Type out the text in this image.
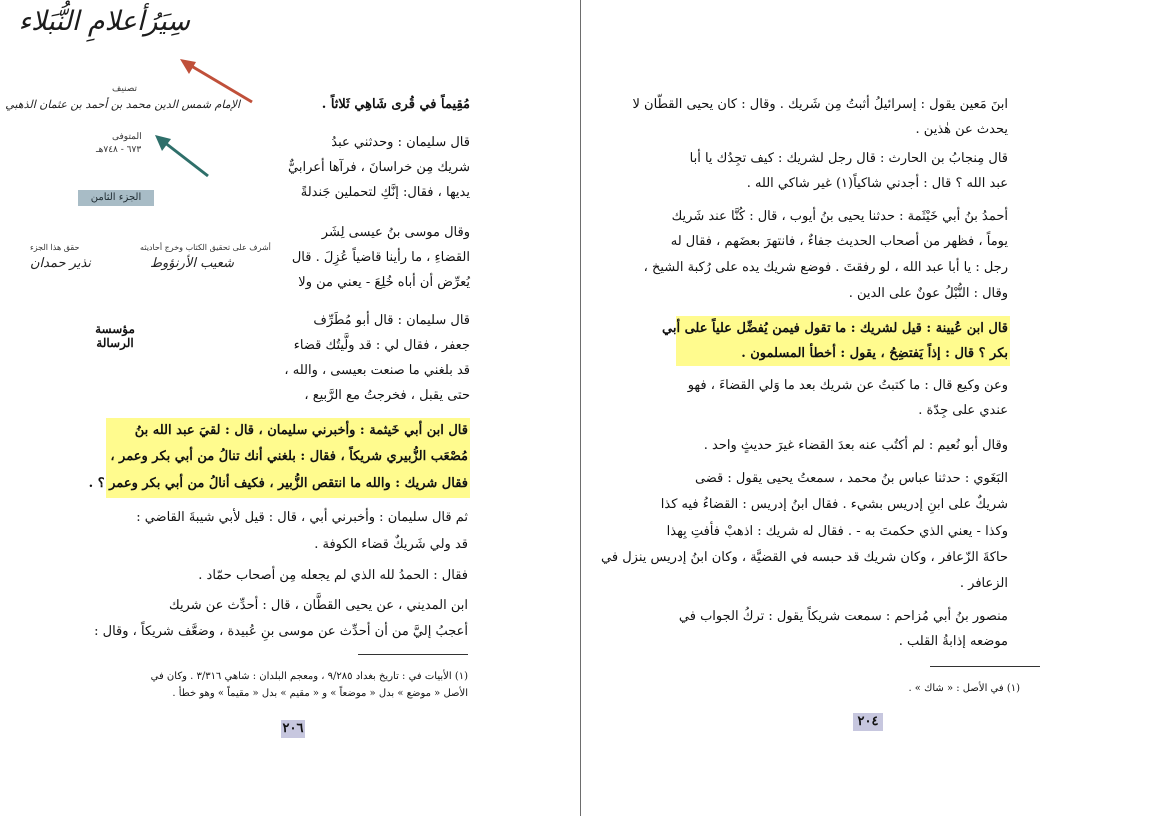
سِيَرُأعلامِ النُّبَلاء
تصنيف
الإمام شمس الدين محمد بن أحمد بن عثمان الذهبي
المتوفى
٦٧٣ - ٧٤٨هـ
الجزء الثامن
حقق هذا الجزء
نذير حمدان
أشرف على تحقيق الكتاب وخرج أحاديثه
شعيب الأرنؤوط
مؤسسة الرسالة
مُقِيماً في قُرى شَاهِي ثَلاثاً .
قال سليمان : وحدثني عبدُ
شريك مِن خراسانَ ، فرآها أعرابيٌّ
يديها ، فقال: إنَّكِ لتحملين جَندلةً
وقال موسى بنُ عيسى لِشَر
القضاءِ ، ما رأينا قاضياً عُزِلَ . قال
يُعرِّض أن أباه خُلِعَ - يعني من ولا
قال سليمان : قال أبو مُطَرِّف
جعفر ، فقال لي : قد ولَّيتُك قضاء
قد بلغني ما صنعت بعيسى ، والله ،
حتى يقبل ، فخرجتُ مع الرَّبيع ،
قال ابن أبي خَيثمة : وأخبرني سليمان ، قال : لقيَ عبد الله بنُ
مُصْعَب الزُّبيري شريكاً ، فقال : بلغني أنك تنالُ من أبي بكر وعمر ،
فقال شريك : والله ما انتقص الزُّبير ، فكيف أنالُ من أبي بكر وعمر ؟ .
ثم قال سليمان : وأخبرني أبي ، قال : قيل لأبي شيبةَ القاضي :
قد ولي شَريكٌ قضاء الكوفة .
فقال : الحمدُ لله الذي لم يجعله مِن أصحاب حمّاد .
ابن المديني ، عن يحيى القطَّان ، قال : أحدِّث عن شريك
أعجبُ إليَّ من أن أحدِّث عن موسى بنِ عُبيدة ، وضعَّف شريكاً ، وقال :
(١) الأبيات في : تاريخ بغداد ٩/٢٨٥ ، ومعجم البلدان : شاهي ٣/٣١٦ . وكان في
الأصل « موضع » بدل « موضعاً » و « مقيم » بدل « مقيماً » وهو خطأ .
٢٠٦
ابنَ مَعين يقول : إسرائيلُ أثبتُ مِن شَريك . وقال : كان يحيى القطّان لا
يحدث عن هٰذين .
قال مِنجابُ بن الحارث : قال رجل لشريك : كيف تجِدُك يا أبا
عبد الله ؟ قال : أجدني شاكياً(١) غير شاكي الله .
أحمدُ بنُ أبي خَيْثَمة : حدثنا يحيى بنُ أيوب ، قال : كُنَّا عند شَريك
يوماً ، فظهر من أصحاب الحديث جفاءٌ ، فانتهرَ بعضَهم ، فقال له
رجل : يا أبا عبد الله ، لو رفقتَ . فوضع شريك يده على رُكبة الشيخ ،
وقال : النُّبْلُ عونٌ على الدين .
قال ابن عُيينة : قيل لشريك : ما تقول فيمن يُفضِّل علياً على أبي
بكر ؟ قال : إذاً يَفتضِحُ ، يقول : أخطأ المسلمون .
وعن وكيع قال : ما كتبتُ عن شريك بعد ما وَلي القضاءَ ، فهو
عندي على جِدّة .
وقال أبو نُعيم : لم أكتُب عنه بعدَ القضاء غيرَ حديثٍ واحد .
البَغَوي : حدثنا عباس بنُ محمد ، سمعتُ يحيى يقول : قضى
شريكٌ على ابنِ إدريس بشيء . فقال ابنُ إدريس : القضاءُ فيه كذا
وكذا - يعني الذي حكمتَ به - . فقال له شريك : اذهبْ فأفتِ بِهذا
حاكةَ الزّعافر ، وكان شريك قد حبسه في القضيَّة ، وكان ابنُ إدريس ينزل في
الزعافر .
منصور بنُ أبي مُزاحم : سمعت شريكاً يقول : تركُ الجواب في
موضعه إذابةُ القلب .
(١) في الأصل : « شاك » .
٢٠٤
